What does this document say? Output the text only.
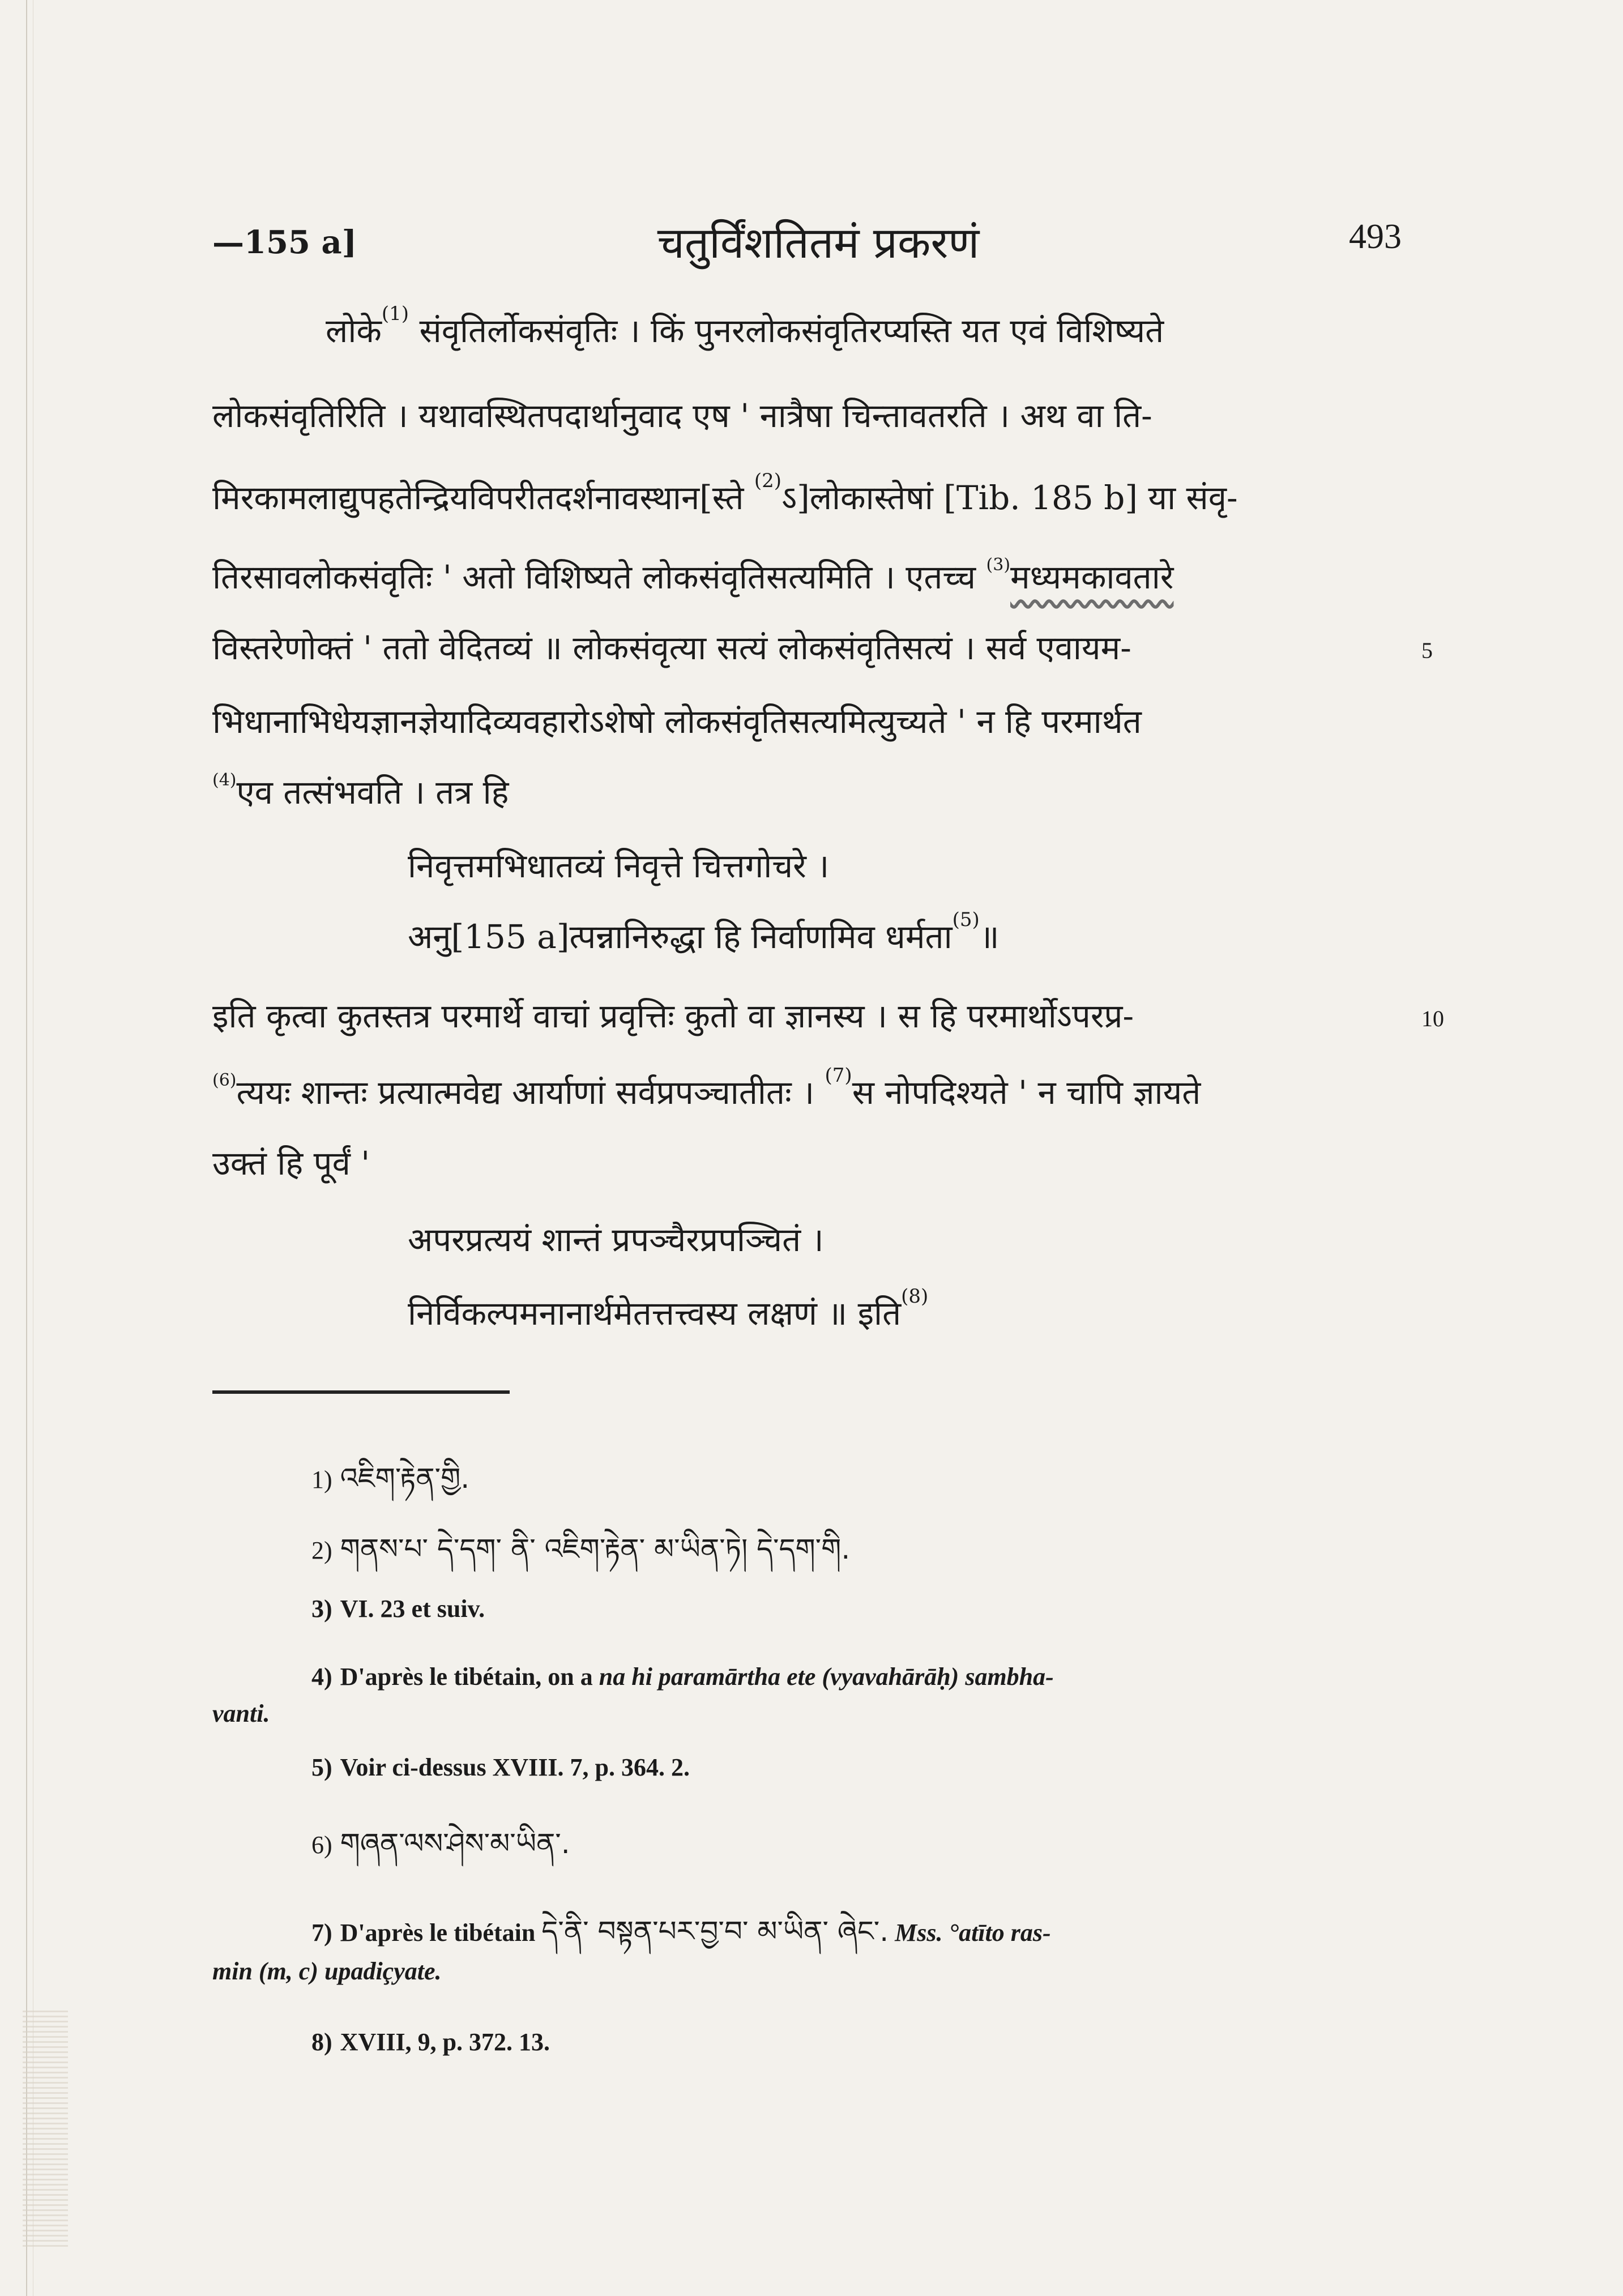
—155 a]	चतुर्विंशतितमं प्रकरणं	493
लोके$^{(1)}$ संवृतिर्लोकसंवृतिः । किं पुनरलोकसंवृतिरप्यस्ति यत एवं विशिष्यते
लोकसंवृतिरिति । यथावस्थितपदार्थानुवाद एष ' नात्रैषा चिन्तावतरति । अथ वा ति-
मिरकामलाद्युपहतेन्द्रियविपरीतदर्शनावस्थान[स्ते $^{(2)}$ऽ]लोकास्तेषां [Tib. 185 b] या संवृ-
तिरसावलोकसंवृतिः ' अतो विशिष्यते लोकसंवृतिसत्यमिति । एतच्च $^{(3)}$मध्यमकावतारे
विस्तरेणोक्तं ' ततो वेदितव्यं ॥ लोकसंवृत्या सत्यं लोकसंवृतिसत्यं । सर्व एवायम-	5
भिधानाभिधेयज्ञानज्ञेयादिव्यवहारोऽशेषो लोकसंवृतिसत्यमित्युच्यते ' न हि परमार्थत
$^{(4)}$एव तत्संभवति । तत्र हि
निवृत्तमभिधातव्यं निवृत्ते चित्तगोचरे ।
अनु[155 a]त्पन्नानिरुद्धा हि निर्वाणमिव धर्मता$^{(5)}$॥
इति कृत्वा कुतस्तत्र परमार्थे वाचां प्रवृत्तिः कुतो वा ज्ञानस्य । स हि परमार्थोऽपरप्र-	10
$^{(6)}$त्ययः शान्तः प्रत्यात्मवेद्य आर्याणां सर्वप्रपञ्चातीतः । $^{(7)}$स नोपदिश्यते ' न चापि ज्ञायते
उक्तं हि पूर्वं '
अपरप्रत्ययं शान्तं प्रपञ्चैरप्रपञ्चितं ।
निर्विकल्पमनानार्थमेतत्तत्त्वस्य लक्षणं ॥ इति$^{(8)}$
1) འཇིག་རྟེན་གྱི.
2) གནས་པ་ དེ་དག་ ནི་ འཇིག་རྟེན་ མ་ཡིན་ཏེ། དེ་དག་གི.
3) VI. 23 et suiv.
4) D'après le tibétain, on a na hi paramārtha ete (vyavahārāḥ) sambha-
vanti.
5) Voir ci-dessus XVIII. 7, p. 364. 2.
6) གཞན་ལས་ཤེས་མ་ཡིན་.
7) D'après le tibétain དེ་ནི་ བསྟན་པར་བྱ་བ་ མ་ཡིན་ ཞེང་. Mss. °atīto ras-
min (m, c) upadiçyate.
8) XVIII, 9, p. 372. 13.
